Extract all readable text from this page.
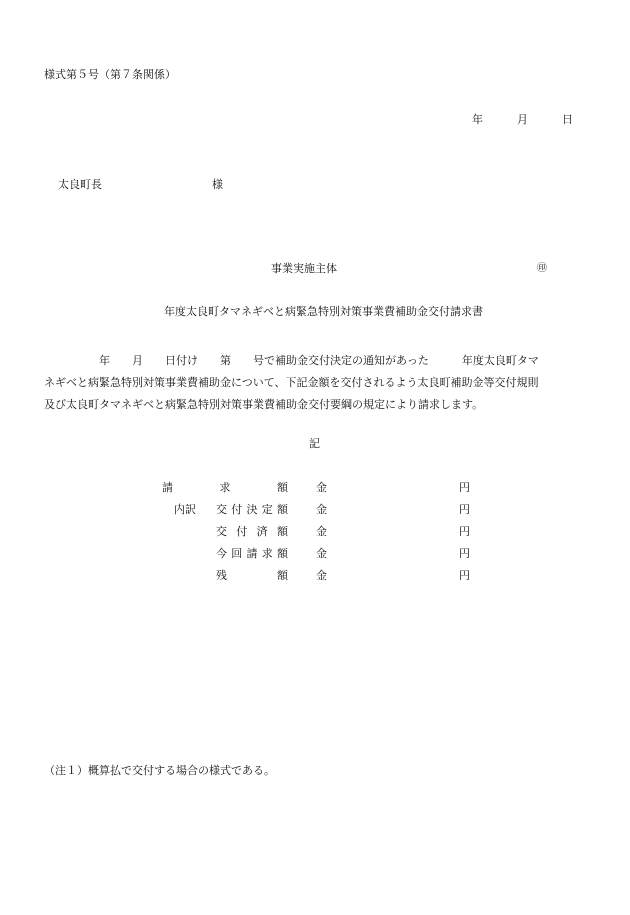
様式第５号（第７条関係）
年	月	日
太良町長	様
事業実施主体	㊞
年度太良町タマネギベと病緊急特別対策事業費補助金交付請求書
　　　　　年　　月　　日付け　　第　　号で補助金交付決定の通知があった　　　年度太良町タマ
ネギベと病緊急特別対策事業費補助金について、下記金額を交付されるよう太良町補助金等交付規則
及び太良町タマネギベと病緊急特別対策事業費補助金交付要綱の規定により請求します。
記
請	求	額	金	円
内訳 交 付 決 定 額	金	円
交 付 済 額	金	円
今 回 請 求 額	金	円
残	額	金	円
（注１）概算払で交付する場合の様式である。
